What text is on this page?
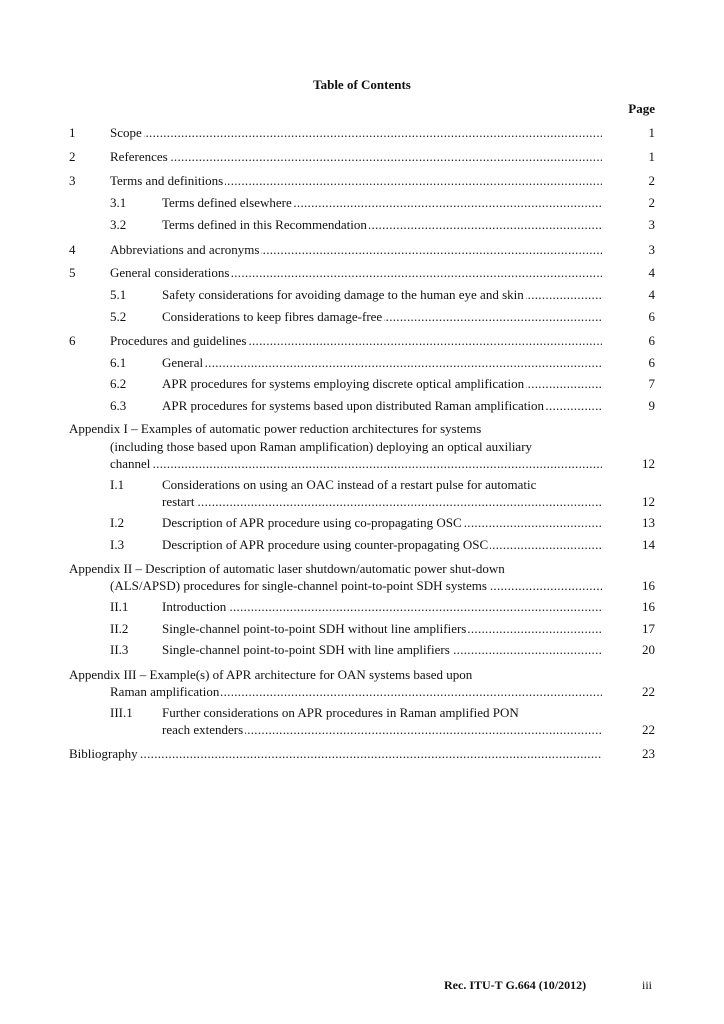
Table of Contents
Page
1	Scope .....	1
2	References .....	1
3	Terms and definitions .....	2
3.1	Terms defined elsewhere .....	2
3.2	Terms defined in this Recommendation .....	3
4	Abbreviations and acronyms .....	3
5	General considerations .....	4
5.1	Safety considerations for avoiding damage to the human eye and skin .....	4
5.2	Considerations to keep fibres damage-free .....	6
6	Procedures and guidelines .....	6
6.1	General .....	6
6.2	APR procedures for systems employing discrete optical amplification .....	7
6.3	APR procedures for systems based upon distributed Raman amplification .....	9
Appendix I – Examples of automatic power reduction architectures for systems
(including those based upon Raman amplification) deploying an optical auxiliary
channel .....	12
I.1	Considerations on using an OAC instead of a restart pulse for automatic
restart .....	12
I.2	Description of APR procedure using co-propagating OSC .....	13
I.3	Description of APR procedure using counter-propagating OSC .....	14
Appendix II – Description of automatic laser shutdown/automatic power shut-down
(ALS/APSD) procedures for single-channel point-to-point SDH systems .....	16
II.1	Introduction .....	16
II.2	Single-channel point-to-point SDH without line amplifiers .....	17
II.3	Single-channel point-to-point SDH with line amplifiers .....	20
Appendix III – Example(s) of APR architecture for OAN systems based upon
Raman amplification .....	22
III.1 Further considerations on APR procedures in Raman amplified PON
reach extenders .....	22
Bibliography .....	23
Rec. ITU-T G.664 (10/2012)	iii
